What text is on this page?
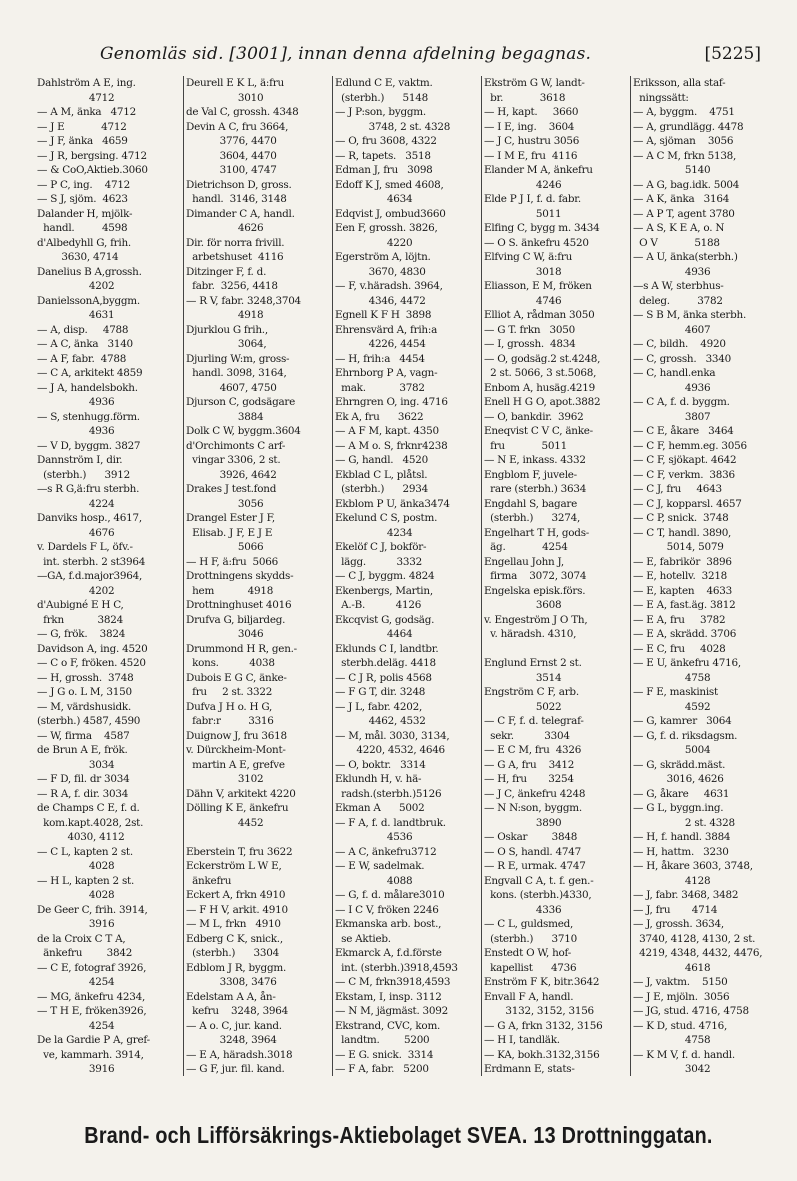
Genomläs sid. [3001], innan denna afdelning begagnas.	[5225]
Dahlström A E, ing.
4712
— A M, änka   4712
— J E            4712
— J F, änka   4659
— J R, bergsing. 4712
— & CoO,Aktieb.3060
— P C, ing.    4712
— S J, sjöm.  4623
Dalander H, mjölk-
handl.         4598
d'Albedyhll G, frih.
3630, 4714
Danelius B A,grossh.
4202
DanielssonA,byggm.
4631
— A, disp.     4788
— A C, änka   3140
— A F, fabr.  4788
— C A, arkitekt 4859
— J A, handelsbokh.
4936
— S, stenhugg.förm.
4936
— V D, byggm. 3827
Dannström I, dir.
(sterbh.)      3912
—s R G,ä:fru sterbh.
4224
Danviks hosp., 4617,
4676
v. Dardels F L, öfv.-
int. sterbh. 2 st3964
—GA, f.d.major3964,
4202
d'Aubigné E H C,
frkn           3824
— G, frök.    3824
Davidson A, ing. 4520
— C o F, fröken. 4520
— H, grossh.  3748
— J G o. L M, 3150
— M, värdshusidk.
(sterbh.) 4587, 4590
— W, firma    4587
de Brun A E, frök.
3034
— F D, fil. dr 3034
— R A, f. dir. 3034
de Champs C E, f. d.
kom.kapt.4028, 2st.
4030, 4112
— C L, kapten 2 st.
4028
— H L, kapten 2 st.
4028
De Geer C, frih. 3914,
3916
de la Croix C T A,
änkefru        3842
— C E, fotograf 3926,
4254
— MG, änkefru 4234,
— T H E, fröken3926,
4254
De la Gardie P A, gref-
ve, kammarh. 3914,
3916
Deurell E K L, ä:fru
3010
de Val C, grossh. 4348
Devin A C, fru 3664,
3776, 4470
3604, 4470
3100, 4747
Dietrichson D, gross.
handl.  3146, 3148
Dimander C A, handl.
4626
Dir. för norra frivill.
arbetshuset  4116
Ditzinger F, f. d.
fabr.  3256, 4418
— R V, fabr. 3248,3704
4918
Djurklou G frih.,
3064,
Djurling W:m, gross-
handl. 3098, 3164,
4607, 4750
Djurson C, godsägare
3884
Dolk C W, byggm.3604
d'Orchimonts C arf-
vingar 3306, 2 st.
3926, 4642
Drakes J test.fond
3056
Drangel Ester J F,
Elisab. J F, E J E
5066
— H F, ä:fru  5066
Drottningens skydds-
hem           4918
Drottninghuset 4016
Drufva G, biljardeg.
3046
Drummond H R, gen.-
kons.          4038
Dubois E G C, änke-
fru     2 st. 3322
Dufva J H o. H G,
fabr:r         3316
Duignow J, fru 3618
v. Dürckheim-Mont-
martin A E, grefve
3102
Dähn V, arkitekt 4220
Dölling K E, änkefru
4452
Eberstein T, fru 3622
Eckerström L W E,
änkefru
Eckert A, frkn 4910
— F H V, arkit. 4910
— M L, frkn   4910
Edberg C K, snick.,
(sterbh.)      3304
Edblom J R, byggm.
3308, 3476
Edelstam A A, ån-
kefru    3248, 3964
— A o. C, jur. kand.
3248, 3964
— E A, häradsh.3018
— G F, jur. fil. kand.
Edlund C E, vaktm.
(sterbh.)      5148
— J P:son, byggm.
3748, 2 st. 4328
— O, fru 3608, 4322
— R, tapets.   3518
Edman J, fru   3098
Edoff K J, smed 4608,
4634
Edqvist J, ombud3660
Een F, grossh. 3826,
4220
Egerström A, löjtn.
3670, 4830
— F, v.häradsh. 3964,
4346, 4472
Egnell K F H  3898
Ehrensvärd A, frih:a
4226, 4454
— H, frih:a   4454
Ehrnborg P A, vagn-
mak.           3782
Ehrngren O, ing. 4716
Ek A, fru      3622
— A F M, kapt. 4350
— A M o. S, frknr4238
— G, handl.   4520
Ekblad C L, plåtsl.
(sterbh.)      2934
Ekblom P U, änka3474
Ekelund C S, postm.
4234
Ekelöf C J, bokför-
lägg.          3332
— C J, byggm. 4824
Ekenbergs, Martin,
A.-B.          4126
Ekcqvist G, godsäg.
4464
Eklunds C I, landtbr.
sterbh.deläg. 4418
— C J R, polis 4568
— F G T, dir. 3248
— J L, fabr. 4202,
4462, 4532
— M, mål. 3030, 3134,
4220, 4532, 4646
— O, boktr.   3314
Eklundh H, v. hä-
radsh.(sterbh.)5126
Ekman A      5002
— F A, f. d. landtbruk.
4536
— A C, änkefru3712
— E W, sadelmak.
4088
— G, f. d. målare3010
— I C V, fröken 2246
Ekmanska arb. bost.,
se Aktieb.
Ekmarck A, f.d.förste
int. (sterbh.)3918,4593
— C M, frkn3918,4593
Ekstam, I, insp. 3112
— N M, jägmäst. 3092
Ekstrand, CVC, kom.
landtm.        5200
— E G. snick.  3314
— F A, fabr.   5200
Ekström G W, landt-
br.            3618
— H, kapt.     3660
— I E, ing.    3604
— J C, hustru 3056
— I M E, fru  4116
Elander M A, änkefru
4246
Elde P J I, f. d. fabr.
5011
Elfing C, bygg m. 3434
— O S. änkefru 4520
Elfving C W, ä:fru
3018
Eliasson, E M, fröken
4746
Elliot A, rådman 3050
— G T. frkn   3050
— I, grossh.  4834
— O, godsäg.2 st.4248,
2 st. 5066, 3 st.5068,
Enbom A, husäg.4219
Enell H G O, apot.3882
— O, bankdir.  3962
Eneqvist C V C, änke-
fru            5011
— N E, inkass. 4332
Engblom F, juvele-
rare (sterbh.) 3634
Engdahl S, bagare
(sterbh.)      3274,
Engelhart T H, gods-
äg.            4254
Engellau John J,
firma    3072, 3074
Engelska episk.förs.
3608
v. Engeström J O Th,
v. häradsh. 4310,
Englund Ernst 2 st.
3514
Engström C F, arb.
5022
— C F, f. d. telegraf-
sekr.          3304
— E C M, fru  4326
— G A, fru    3412
— H, fru       3254
— J C, änkefru 4248
— N N:son, byggm.
3890
— Oskar        3848
— O S, handl. 4747
— R E, urmak. 4747
Engvall C A, t. f. gen.-
kons. (sterbh.)4330,
4336
— C L, guldsmed,
(sterbh.)      3710
Enstedt O W, hof-
kapellist      4736
Enström F K, bitr.3642
Envall F A, handl.
3132, 3152, 3156
— G A, frkn 3132, 3156
— H I, tandläk.
— KA, bokh.3132,3156
Erdmann E, stats-
Eriksson, alla staf-
ningssätt:
— A, byggm.    4751
— A, grundlägg. 4478
— A, sjöman    3056
— A C M, frkn 5138,
5140
— A G, bag.idk. 5004
— A K, änka   3164
— A P T, agent 3780
— A S, K E A, o. N
O V            5188
— A U, änka(sterbh.)
4936
—s A W, sterbhus-
deleg.         3782
— S B M, änka sterbh.
4607
— C, bildh.    4920
— C, grossh.   3340
— C, handl.enka
4936
— C A, f. d. byggm.
3807
— C E, åkare   3464
— C F, hemm.eg. 3056
— C F, sjökapt. 4642
— C F, verkm.  3836
— C J, fru     4643
— C J, kopparsl. 4657
— C P, snick.  3748
— C T, handl. 3890,
5014, 5079
— E, fabrikör  3896
— E, hotellv.  3218
— E, kapten    4633
— E A, fast.äg. 3812
— E A, fru     3782
— E A, skrädd. 3706
— E C, fru     4028
— E U, änkefru 4716,
4758
— F E, maskinist
4592
— G, kamrer   3064
— G, f. d. riksdagsm.
5004
— G, skrädd.mäst.
3016, 4626
— G, åkare     4631
— G L, byggn.ing.
2 st. 4328
— H, f. handl. 3884
— H, hattm.   3230
— H, åkare 3603, 3748,
4128
— J, fabr. 3468, 3482
— J, fru       4714
— J, grossh. 3634,
3740, 4128, 4130, 2 st.
4219, 4348, 4432, 4476,
4618
— J, vaktm.    5150
— J E, mjöln.  3056
— JG, stud. 4716, 4758
— K D, stud. 4716,
4758
— K M V, f. d. handl.
3042
Brand- och Lifförsäkrings-Aktiebolaget SVEA. 13 Drottninggatan.
